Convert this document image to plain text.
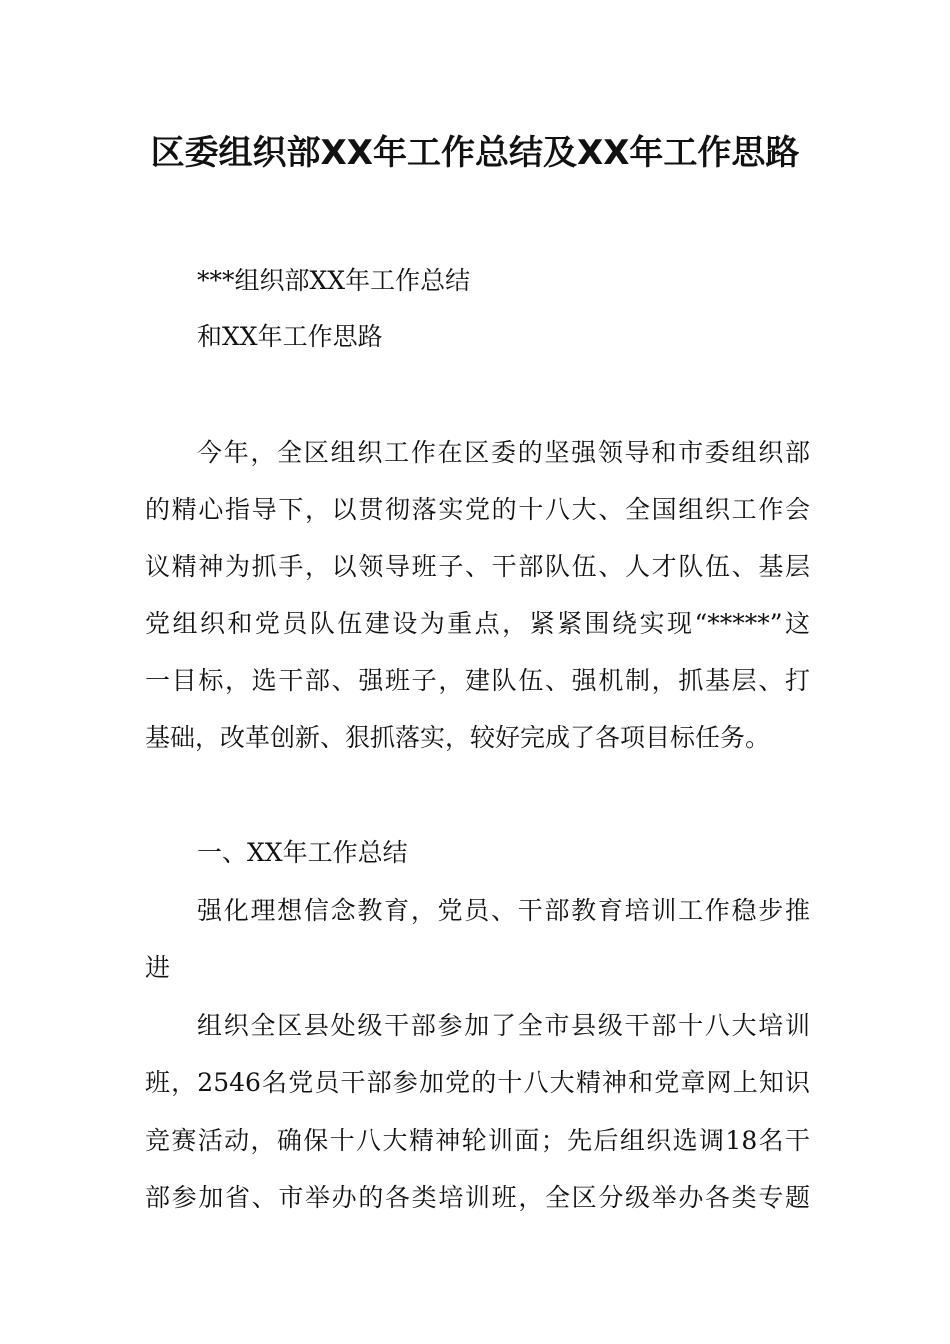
区委组织部XX年工作总结及XX年工作思路

***组织部XX年工作总结

和XX年工作思路

今年，全区组织工作在区委的坚强领导和市委组织部

的精心指导下，以贯彻落实党的十八大、全国组织工作会

议精神为抓手，以领导班子、干部队伍、人才队伍、基层

党组织和党员队伍建设为重点，紧紧围绕实现“*****”这

一目标，选干部、强班子，建队伍、强机制，抓基层、打

基础，改革创新、狠抓落实，较好完成了各项目标任务。

一、XX年工作总结

强化理想信念教育，党员、干部教育培训工作稳步推

进

组织全区县处级干部参加了全市县级干部十八大培训

班，2546名党员干部参加党的十八大精神和党章网上知识

竞赛活动，确保十八大精神轮训面；先后组织选调18名干

部参加省、市举办的各类培训班，全区分级举办各类专题
